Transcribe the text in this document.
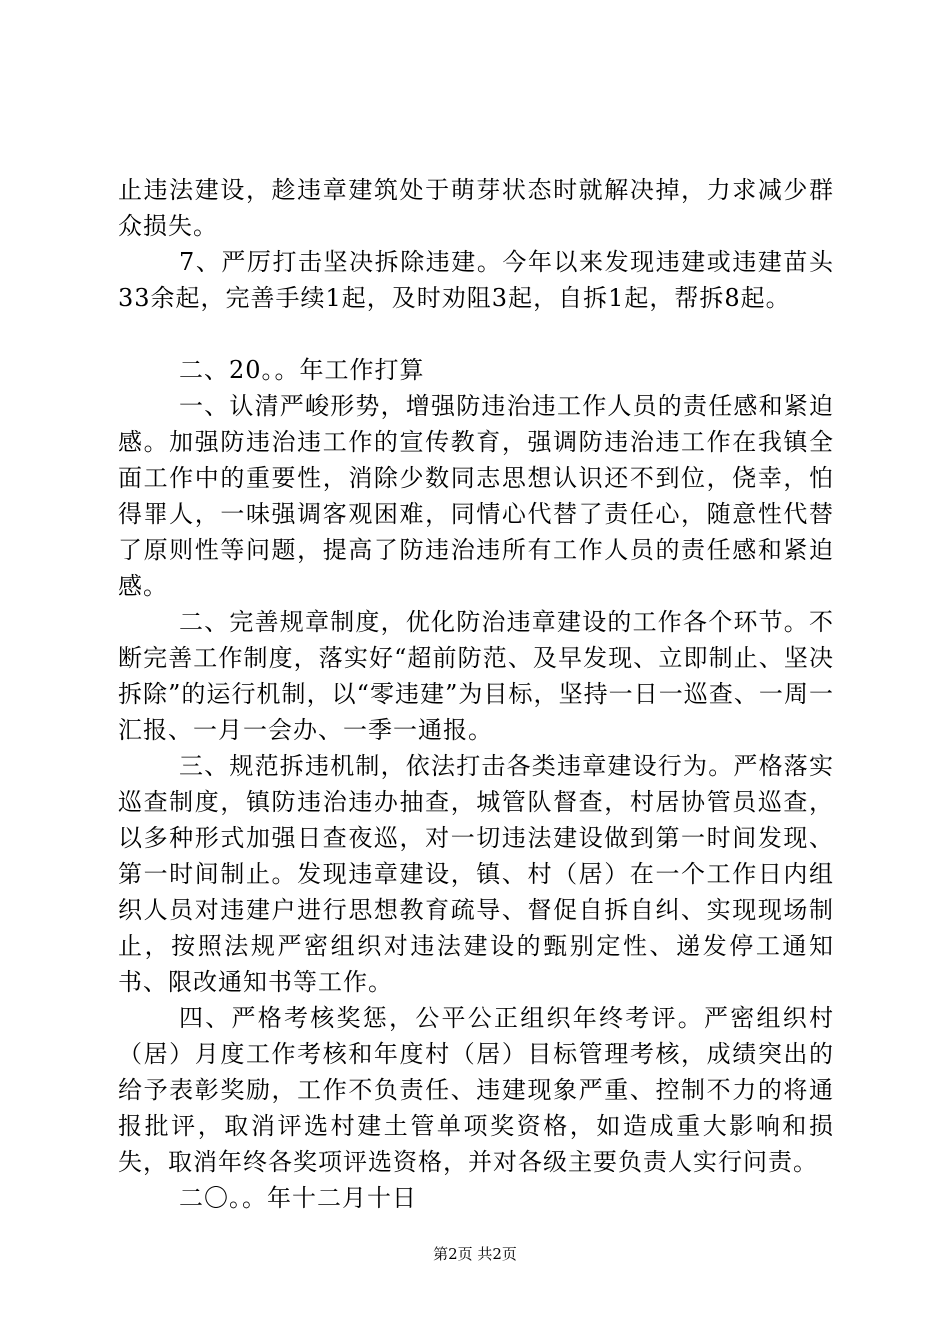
止违法建设，趁违章建筑处于萌芽状态时就解决掉，力求减少群众损失。

7、严厉打击坚决拆除违建。今年以来发现违建或违建苗头33余起，完善手续1起，及时劝阻3起，自拆1起，帮拆8起。

二、20。。年工作打算

一、认清严峻形势，增强防违治违工作人员的责任感和紧迫感。加强防违治违工作的宣传教育，强调防违治违工作在我镇全面工作中的重要性，消除少数同志思想认识还不到位，侥幸，怕得罪人，一味强调客观困难，同情心代替了责任心，随意性代替了原则性等问题，提高了防违治违所有工作人员的责任感和紧迫感。

二、完善规章制度，优化防治违章建设的工作各个环节。不断完善工作制度，落实好“超前防范、及早发现、立即制止、坚决拆除”的运行机制，以“零违建”为目标，坚持一日一巡查、一周一汇报、一月一会办、一季一通报。

三、规范拆违机制，依法打击各类违章建设行为。严格落实巡查制度，镇防违治违办抽查，城管队督查，村居协管员巡查，以多种形式加强日查夜巡，对一切违法建设做到第一时间发现、第一时间制止。发现违章建设，镇、村（居）在一个工作日内组织人员对违建户进行思想教育疏导、督促自拆自纠、实现现场制止，按照法规严密组织对违法建设的甄别定性、递发停工通知书、限改通知书等工作。

四、严格考核奖惩，公平公正组织年终考评。严密组织村（居）月度工作考核和年度村（居）目标管理考核，成绩突出的给予表彰奖励，工作不负责任、违建现象严重、控制不力的将通报批评，取消评选村建土管单项奖资格，如造成重大影响和损失，取消年终各奖项评选资格，并对各级主要负责人实行问责。

二〇。。年十二月十日

第2页 共2页
